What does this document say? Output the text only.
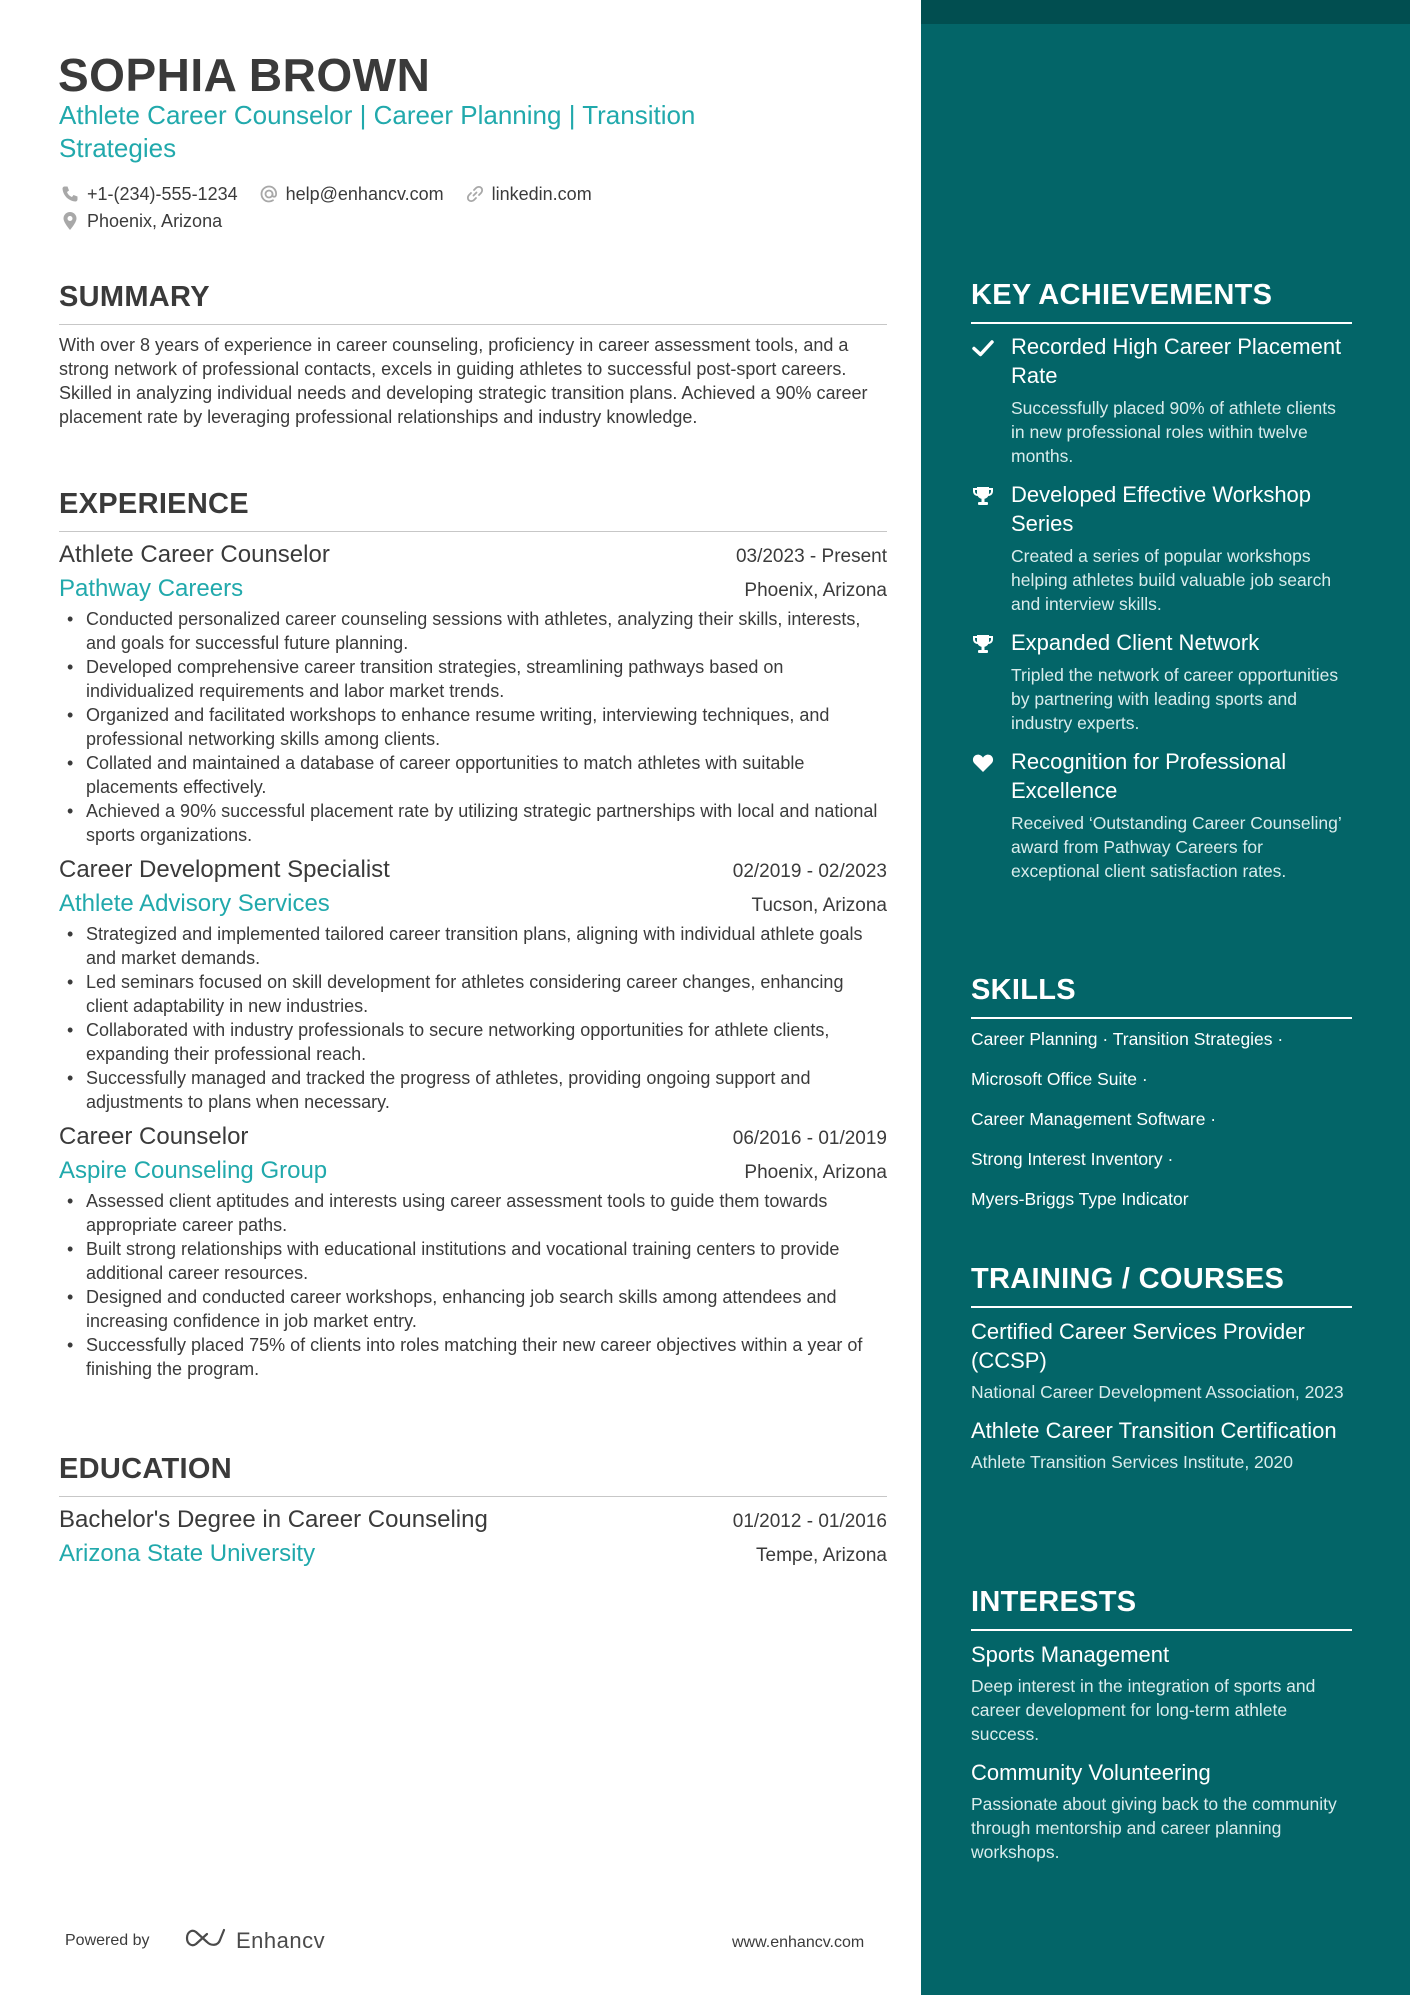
KEY ACHIEVEMENTS
Recorded High Career Placement Rate
Successfully placed 90% of athlete clients in new professional roles within twelve months.
Developed Effective Workshop Series
Created a series of popular workshops helping athletes build valuable job search and interview skills.
Expanded Client Network
Tripled the network of career opportunities by partnering with leading sports and industry experts.
Recognition for Professional Excellence
Received ‘Outstanding Career Counseling’ award from Pathway Careers for exceptional client satisfaction rates.
SKILLS
Career Planning · Transition Strategies ·
Microsoft Office Suite ·
Career Management Software ·
Strong Interest Inventory ·
Myers-Briggs Type Indicator
TRAINING / COURSES
Certified Career Services Provider (CCSP)
National Career Development Association, 2023
Athlete Career Transition Certification
Athlete Transition Services Institute, 2020
INTERESTS
Sports Management
Deep interest in the integration of sports and career development for long-term athlete success.
Community Volunteering
Passionate about giving back to the community through mentorship and career planning workshops.
SOPHIA BROWN
Athlete Career Counselor | Career Planning | Transition Strategies
+1-(234)-555-1234	help@enhancv.com	linkedin.com
Phoenix, Arizona
SUMMARY

With over 8 years of experience in career counseling, proficiency in career assessment tools, and a strong network of professional contacts, excels in guiding athletes to successful post-sport careers. Skilled in analyzing individual needs and developing strategic transition plans. Achieved a 90% career placement rate by leveraging professional relationships and industry knowledge.

EXPERIENCE
Athlete Career Counselor	03/2023 - Present
Pathway Careers	Phoenix, Arizona
• Conducted personalized career counseling sessions with athletes, analyzing their skills, interests, and goals for successful future planning.
• Developed comprehensive career transition strategies, streamlining pathways based on individualized requirements and labor market trends.
• Organized and facilitated workshops to enhance resume writing, interviewing techniques, and professional networking skills among clients.
• Collated and maintained a database of career opportunities to match athletes with suitable placements effectively.
• Achieved a 90% successful placement rate by utilizing strategic partnerships with local and national sports organizations.
Career Development Specialist	02/2019 - 02/2023
Athlete Advisory Services	Tucson, Arizona
• Strategized and implemented tailored career transition plans, aligning with individual athlete goals and market demands.
• Led seminars focused on skill development for athletes considering career changes, enhancing client adaptability in new industries.
• Collaborated with industry professionals to secure networking opportunities for athlete clients, expanding their professional reach.
• Successfully managed and tracked the progress of athletes, providing ongoing support and adjustments to plans when necessary.
Career Counselor	06/2016 - 01/2019
Aspire Counseling Group	Phoenix, Arizona
• Assessed client aptitudes and interests using career assessment tools to guide them towards appropriate career paths.
• Built strong relationships with educational institutions and vocational training centers to provide additional career resources.
• Designed and conducted career workshops, enhancing job search skills among attendees and increasing confidence in job market entry.
• Successfully placed 75% of clients into roles matching their new career objectives within a year of finishing the program.
EDUCATION
Bachelor's Degree in Career Counseling	01/2012 - 01/2016
Arizona State University	Tempe, Arizona
Powered by	Enhancv	www.enhancv.com
